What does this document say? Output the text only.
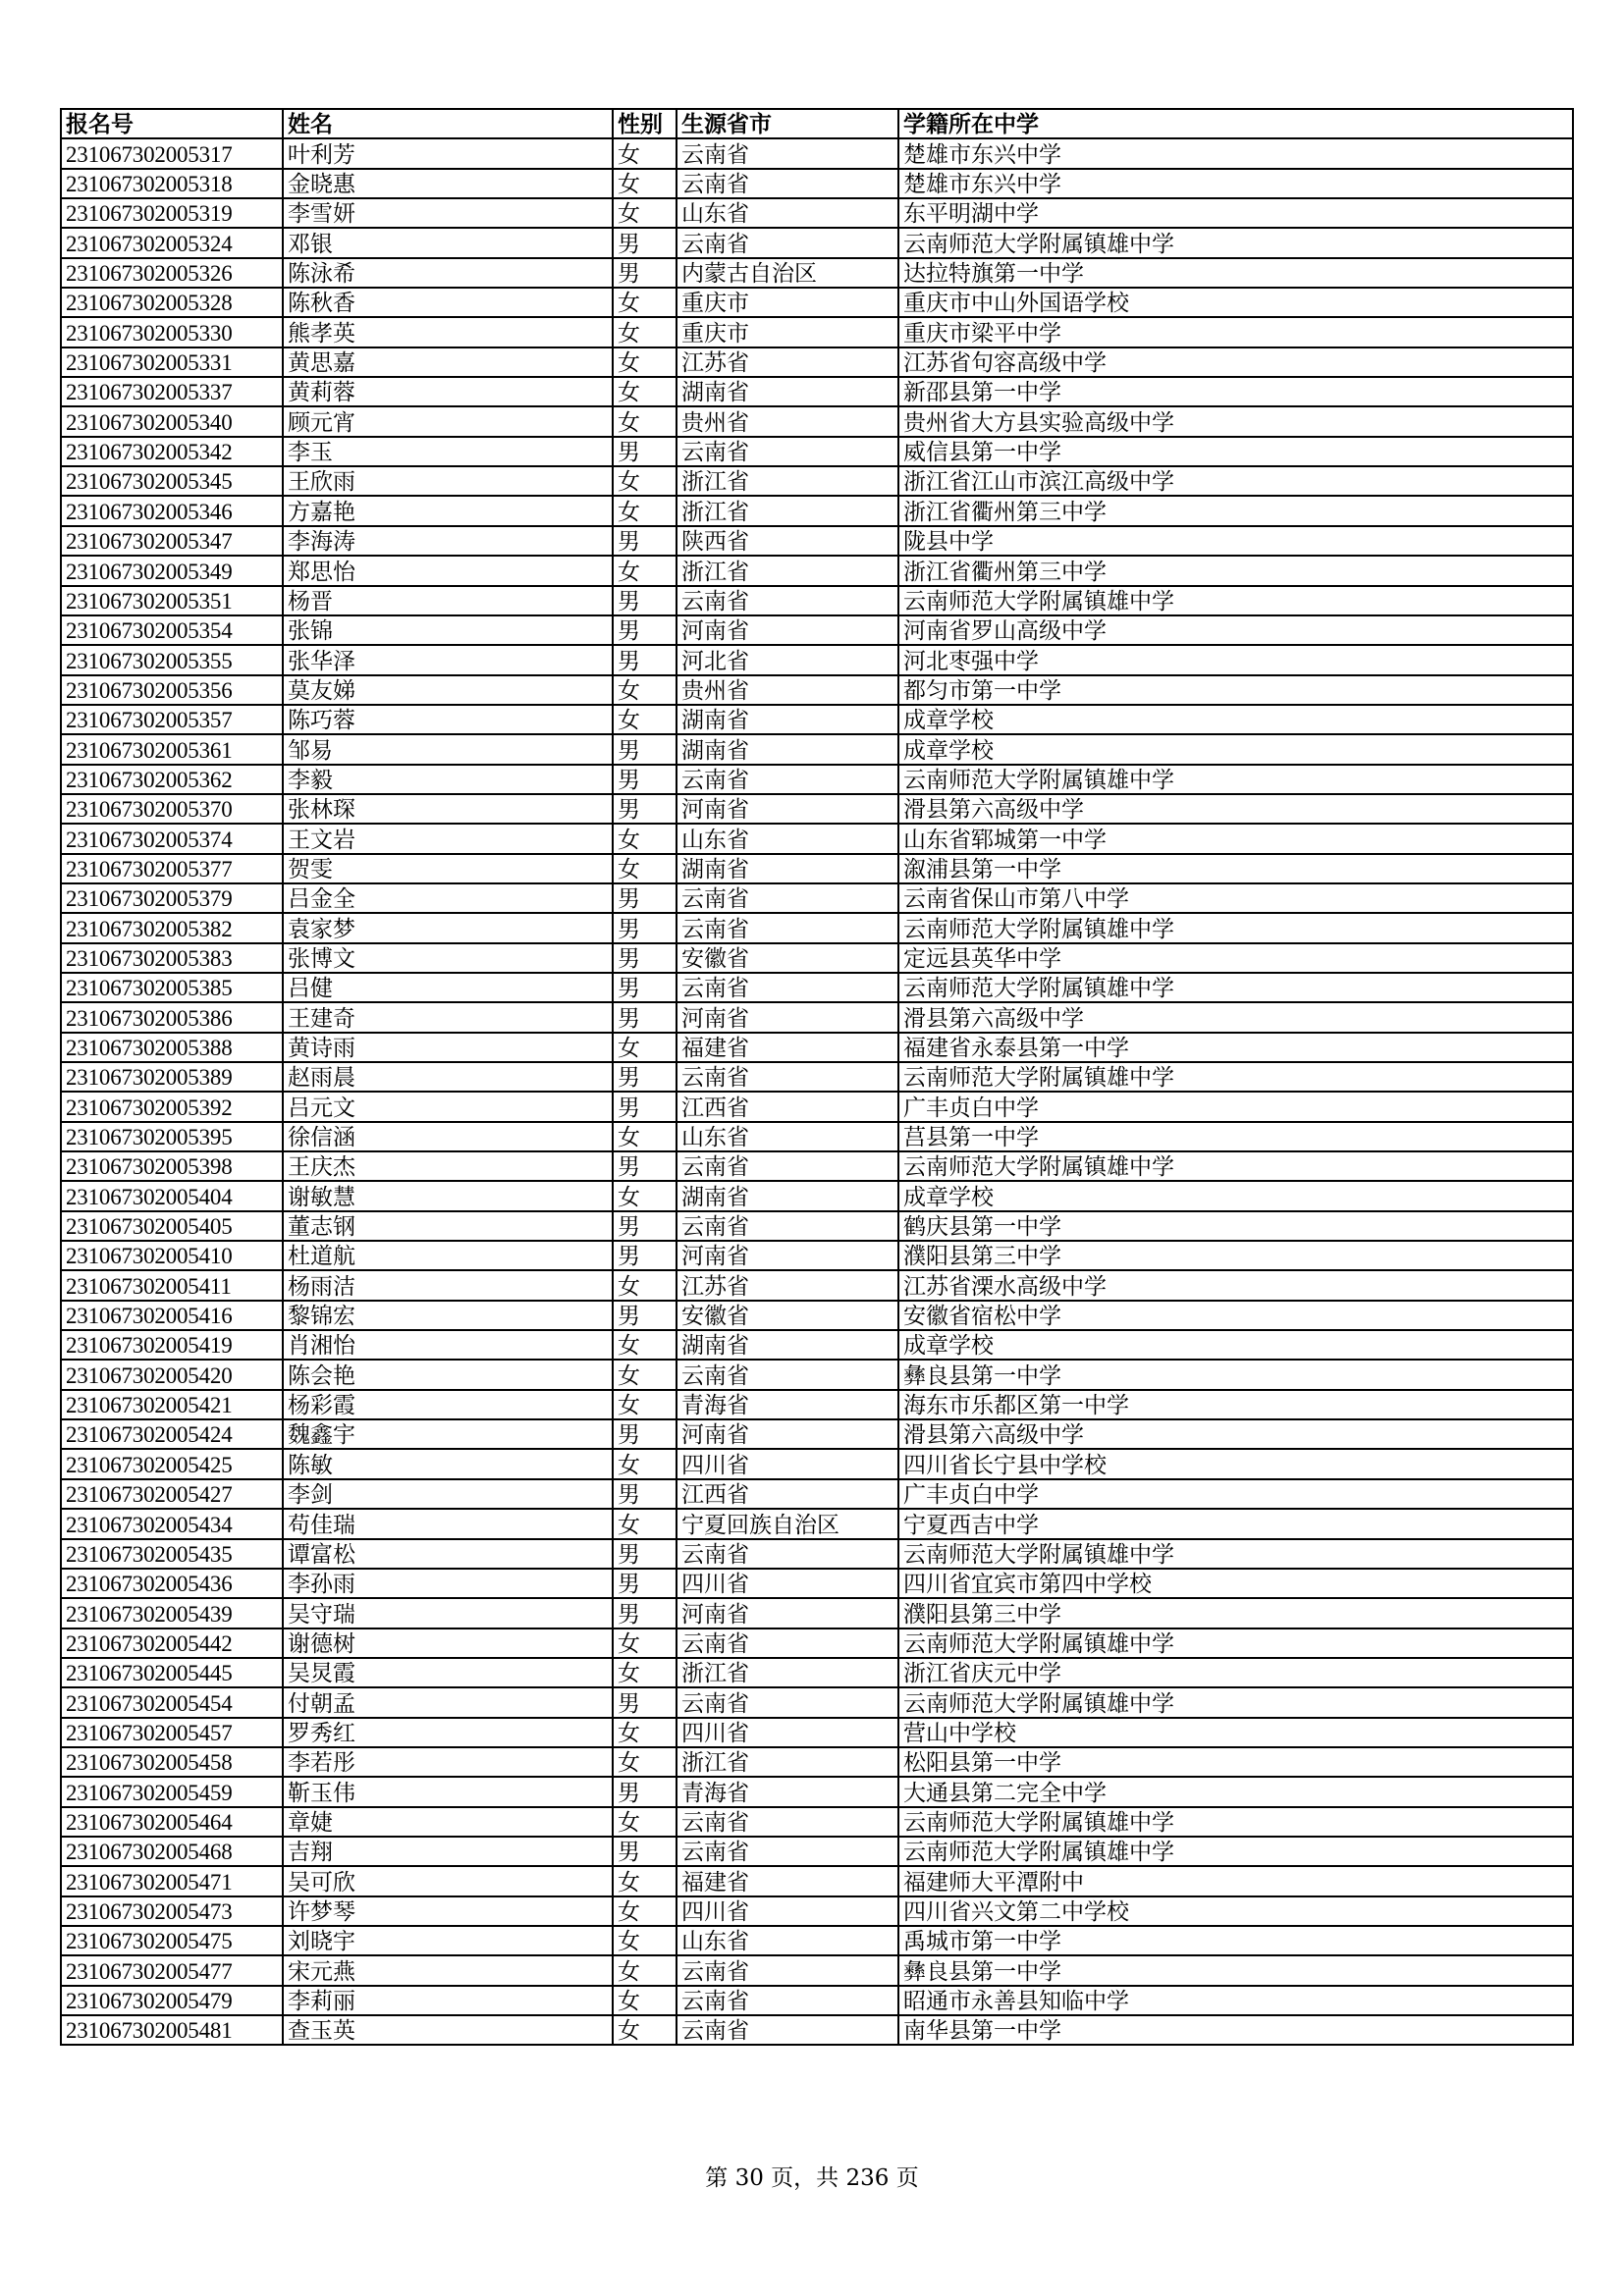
报名号	姓名	性别	生源省市	学籍所在中学
231067302005317	叶利芳	女	云南省	楚雄市东兴中学
231067302005318	金晓惠	女	云南省	楚雄市东兴中学
231067302005319	李雪妍	女	山东省	东平明湖中学
231067302005324	邓银	男	云南省	云南师范大学附属镇雄中学
231067302005326	陈泳希	男	内蒙古自治区	达拉特旗第一中学
231067302005328	陈秋香	女	重庆市	重庆市中山外国语学校
231067302005330	熊孝英	女	重庆市	重庆市梁平中学
231067302005331	黄思嘉	女	江苏省	江苏省句容高级中学
231067302005337	黄莉蓉	女	湖南省	新邵县第一中学
231067302005340	顾元宵	女	贵州省	贵州省大方县实验高级中学
231067302005342	李玉	男	云南省	威信县第一中学
231067302005345	王欣雨	女	浙江省	浙江省江山市滨江高级中学
231067302005346	方嘉艳	女	浙江省	浙江省衢州第三中学
231067302005347	李海涛	男	陕西省	陇县中学
231067302005349	郑思怡	女	浙江省	浙江省衢州第三中学
231067302005351	杨晋	男	云南省	云南师范大学附属镇雄中学
231067302005354	张锦	男	河南省	河南省罗山高级中学
231067302005355	张华泽	男	河北省	河北枣强中学
231067302005356	莫友娣	女	贵州省	都匀市第一中学
231067302005357	陈巧蓉	女	湖南省	成章学校
231067302005361	邹易	男	湖南省	成章学校
231067302005362	李毅	男	云南省	云南师范大学附属镇雄中学
231067302005370	张林琛	男	河南省	滑县第六高级中学
231067302005374	王文岩	女	山东省	山东省郓城第一中学
231067302005377	贺雯	女	湖南省	溆浦县第一中学
231067302005379	吕金全	男	云南省	云南省保山市第八中学
231067302005382	袁家梦	男	云南省	云南师范大学附属镇雄中学
231067302005383	张博文	男	安徽省	定远县英华中学
231067302005385	吕健	男	云南省	云南师范大学附属镇雄中学
231067302005386	王建奇	男	河南省	滑县第六高级中学
231067302005388	黄诗雨	女	福建省	福建省永泰县第一中学
231067302005389	赵雨晨	男	云南省	云南师范大学附属镇雄中学
231067302005392	吕元文	男	江西省	广丰贞白中学
231067302005395	徐信涵	女	山东省	莒县第一中学
231067302005398	王庆杰	男	云南省	云南师范大学附属镇雄中学
231067302005404	谢敏慧	女	湖南省	成章学校
231067302005405	董志钢	男	云南省	鹤庆县第一中学
231067302005410	杜道航	男	河南省	濮阳县第三中学
231067302005411	杨雨洁	女	江苏省	江苏省溧水高级中学
231067302005416	黎锦宏	男	安徽省	安徽省宿松中学
231067302005419	肖湘怡	女	湖南省	成章学校
231067302005420	陈会艳	女	云南省	彝良县第一中学
231067302005421	杨彩霞	女	青海省	海东市乐都区第一中学
231067302005424	魏鑫宇	男	河南省	滑县第六高级中学
231067302005425	陈敏	女	四川省	四川省长宁县中学校
231067302005427	李剑	男	江西省	广丰贞白中学
231067302005434	苟佳瑞	女	宁夏回族自治区	宁夏西吉中学
231067302005435	谭富松	男	云南省	云南师范大学附属镇雄中学
231067302005436	李孙雨	男	四川省	四川省宜宾市第四中学校
231067302005439	吴守瑞	男	河南省	濮阳县第三中学
231067302005442	谢德树	女	云南省	云南师范大学附属镇雄中学
231067302005445	吴炅霞	女	浙江省	浙江省庆元中学
231067302005454	付朝孟	男	云南省	云南师范大学附属镇雄中学
231067302005457	罗秀红	女	四川省	营山中学校
231067302005458	李若彤	女	浙江省	松阳县第一中学
231067302005459	靳玉伟	男	青海省	大通县第二完全中学
231067302005464	章婕	女	云南省	云南师范大学附属镇雄中学
231067302005468	吉翔	男	云南省	云南师范大学附属镇雄中学
231067302005471	吴可欣	女	福建省	福建师大平潭附中
231067302005473	许梦琴	女	四川省	四川省兴文第二中学校
231067302005475	刘晓宇	女	山东省	禹城市第一中学
231067302005477	宋元燕	女	云南省	彝良县第一中学
231067302005479	李莉丽	女	云南省	昭通市永善县知临中学
231067302005481	查玉英	女	云南省	南华县第一中学
第 30 页，共 236 页
